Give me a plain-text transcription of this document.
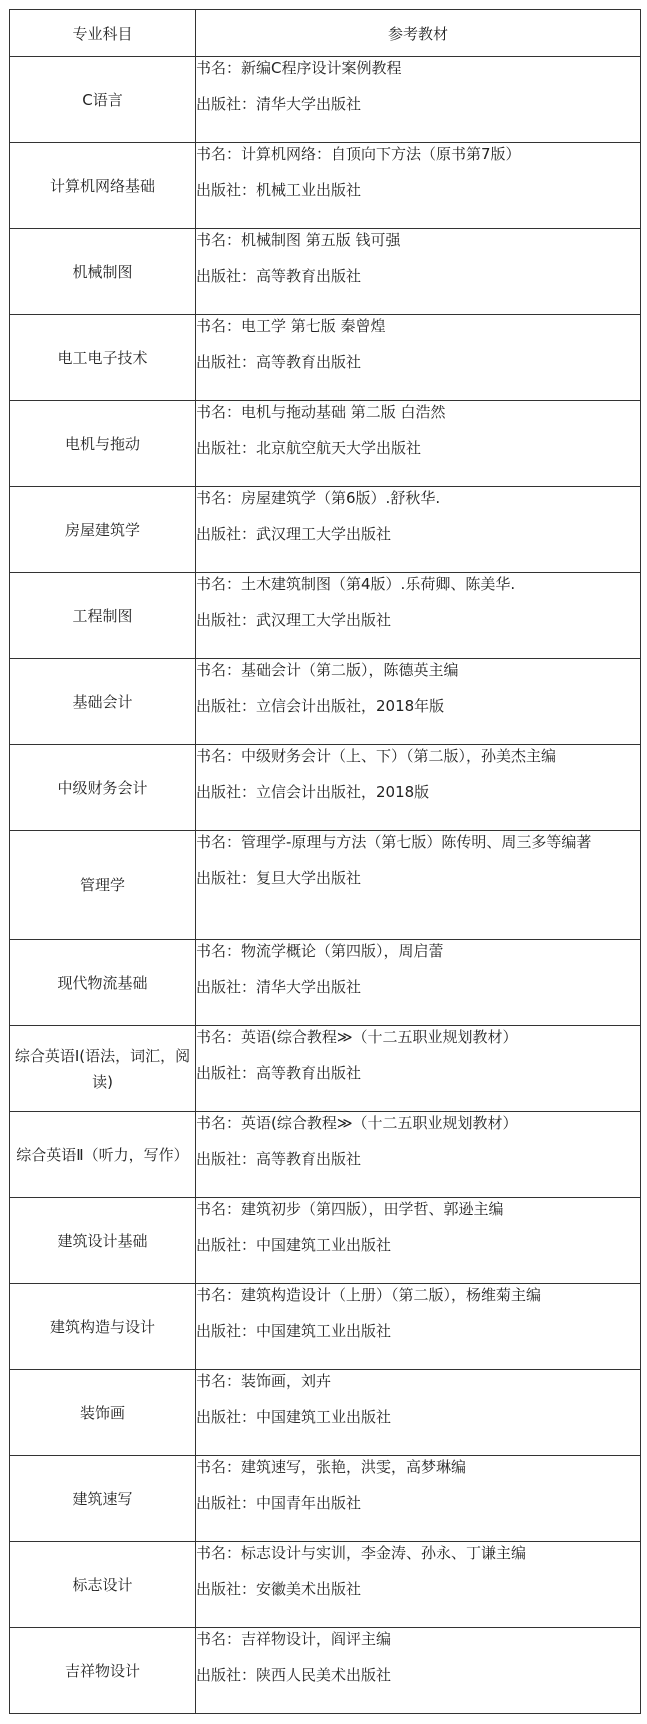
专业科目	参考教材
C语言	书名：新编C程序设计案例教程
出版社：清华大学出版社

计算机网络基础	书名：计算机网络：自顶向下方法（原书第7版）
出版社：机械工业出版社

机械制图	书名：机械制图 第五版 钱可强
出版社：高等教育出版社

电工电子技术	书名：电工学 第七版 秦曾煌
出版社：高等教育出版社

电机与拖动	书名：电机与拖动基础 第二版 白浩然
出版社：北京航空航天大学出版社

房屋建筑学	书名：房屋建筑学（第6版）.舒秋华.
出版社：武汉理工大学出版社

工程制图	书名：土木建筑制图（第4版）.乐荷卿、陈美华.
出版社：武汉理工大学出版社

基础会计	书名：基础会计（第二版），陈德英主编
出版社：立信会计出版社，2018年版

中级财务会计	书名：中级财务会计（上、下）（第二版），孙美杰主编
出版社：立信会计出版社，2018版

管理学	书名：管理学-原理与方法（第七版）陈传明、周三多等编著
出版社：复旦大学出版社

现代物流基础	书名：物流学概论（第四版），周启蕾
出版社：清华大学出版社

综合英语Ⅰ(语法，词汇，阅读)	书名：英语(综合教程≫（十二五职业规划教材）
出版社：高等教育出版社

综合英语Ⅱ（听力，写作）	书名：英语(综合教程≫（十二五职业规划教材）
出版社：高等教育出版社

建筑设计基础	书名：建筑初步（第四版），田学哲、郭逊主编
出版社：中国建筑工业出版社

建筑构造与设计	书名：建筑构造设计（上册）（第二版），杨维菊主编
出版社：中国建筑工业出版社

装饰画	书名：装饰画，刘卉
出版社：中国建筑工业出版社

建筑速写	书名：建筑速写，张艳，洪雯，高梦琳编
出版社：中国青年出版社

标志设计	书名：标志设计与实训，李金涛、孙永、丁谦主编
出版社：安徽美术出版社

吉祥物设计	书名：吉祥物设计，阎评主编
出版社：陕西人民美术出版社
